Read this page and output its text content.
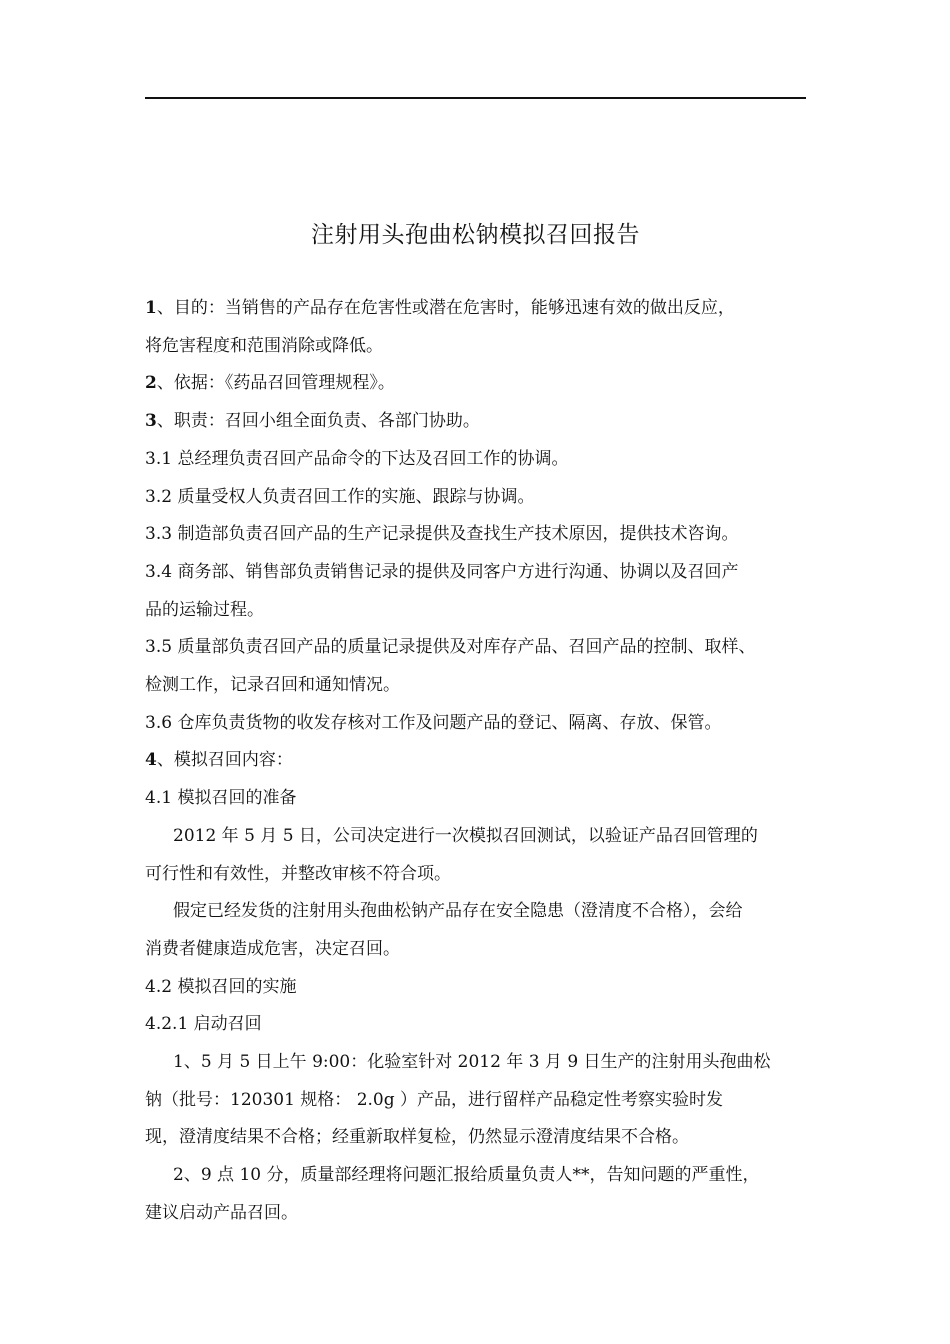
注射用头孢曲松钠模拟召回报告
1、目的：当销售的产品存在危害性或潜在危害时，能够迅速有效的做出反应，
将危害程度和范围消除或降低。
2、依据：《药品召回管理规程》。
3、职责：召回小组全面负责、各部门协助。
3.1 总经理负责召回产品命令的下达及召回工作的协调。
3.2 质量受权人负责召回工作的实施、跟踪与协调。
3.3 制造部负责召回产品的生产记录提供及查找生产技术原因，提供技术咨询。
3.4 商务部、销售部负责销售记录的提供及同客户方进行沟通、协调以及召回产
品的运输过程。
3.5 质量部负责召回产品的质量记录提供及对库存产品、召回产品的控制、取样、
检测工作，记录召回和通知情况。
3.6 仓库负责货物的收发存核对工作及问题产品的登记、隔离、存放、保管。
4、模拟召回内容：
4.1 模拟召回的准备
2012 年 5 月 5 日，公司决定进行一次模拟召回测试，以验证产品召回管理的
可行性和有效性，并整改审核不符合项。
假定已经发货的注射用头孢曲松钠产品存在安全隐患（澄清度不合格），会给
消费者健康造成危害，决定召回。
4.2 模拟召回的实施
4.2.1 启动召回
1、5 月 5 日上午 9:00：化验室针对 2012 年 3 月 9 日生产的注射用头孢曲松
钠（批号：120301 规格： 2.0g ）产品，进行留样产品稳定性考察实验时发
现，澄清度结果不合格；经重新取样复检，仍然显示澄清度结果不合格。
2、9 点 10 分，质量部经理将问题汇报给质量负责人**，告知问题的严重性，
建议启动产品召回。
